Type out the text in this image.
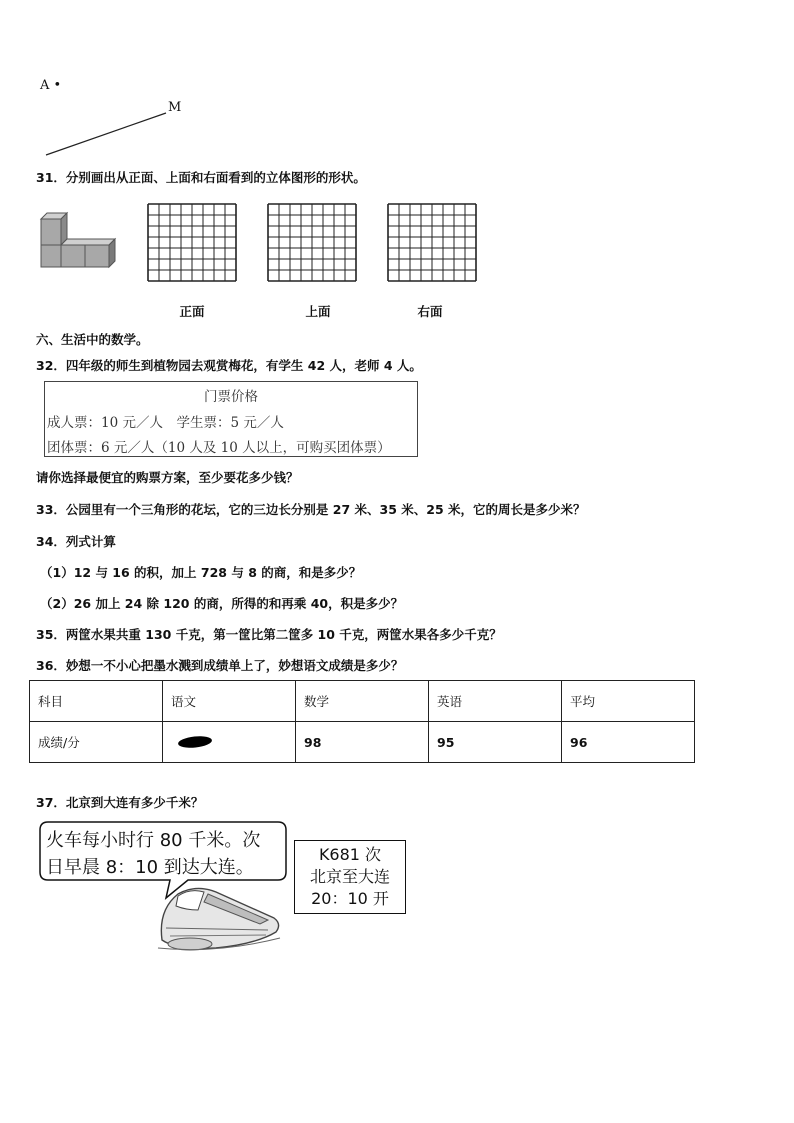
A •
M
31．分别画出从正面、上面和右面看到的立体图形的形状。
正面	上面	右面
六、生活中的数学。
32．四年级的师生到植物园去观赏梅花，有学生 42 人，老师 4 人。
门票价格
成人票：10 元／人　学生票：5 元／人
团体票：6 元／人（10 人及 10 人以上，可购买团体票）
请你选择最便宜的购票方案，至少要花多少钱？
33．公园里有一个三角形的花坛，它的三边长分别是 27 米、35 米、25 米，它的周长是多少米？
34．列式计算
（1）12 与 16 的积，加上 728 与 8 的商，和是多少？
（2）26 加上 24 除 120 的商，所得的和再乘 40，积是多少？
35．两筐水果共重 130 千克，第一筐比第二筐多 10 千克，两筐水果各多少千克？
36．妙想一不小心把墨水溅到成绩单上了，妙想语文成绩是多少？
科目	语文	数学	英语	平均
成绩/分		98	95	96
37．北京到大连有多少千米？
火车每小时行 80 千米。次
日早晨 8：10 到达大连。
K681 次
北京至大连
20：10 开
